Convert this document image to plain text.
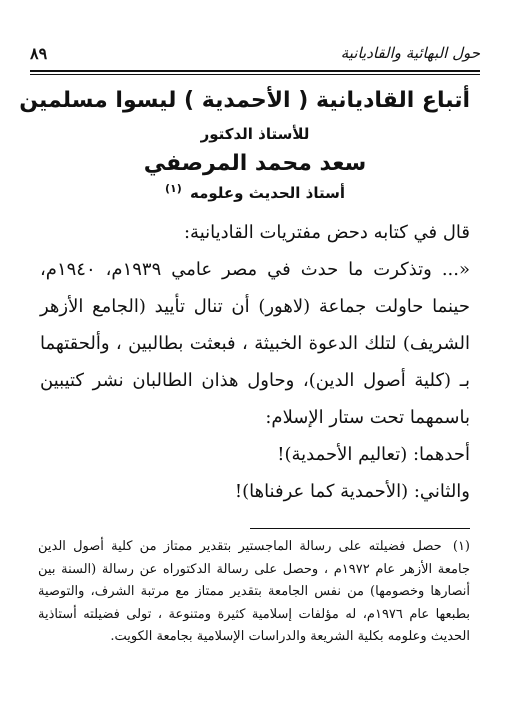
حول البهائية والقاديانية
٨٩
أتباع القاديانية ( الأحمدية ) ليسوا مسلمين
للأستاذ الدكتور
سعد محمد المرصفي
أستاذ الحديث وعلومه $^{(١)}$

قال في كتابه دحض مفتريات القاديانية:

«... وتذكرت ما حدث في مصر عامي ١٩٣٩م، ١٩٤٠م، حينما حاولت جماعة (لاهور) أن تنال تأييد (الجامع الأزهر الشريف) لتلك الدعوة الخبيثة ، فبعثت بطالبين ، وألحقتهما بـ (كلية أصول الدين)، وحاول هذان الطالبان نشر كتيبين باسمهما تحت ستار الإسلام:

أحدهما: (تعاليم الأحمدية)!

والثاني: (الأحمدية كما عرفناها)!

(١) حصل فضيلته على رسالة الماجستير بتقدير ممتاز من كلية أصول الدين جامعة الأزهر عام ١٩٧٢م ، وحصل على رسالة الدكتوراه عن رسالة (السنة بين أنصارها وخصومها) من نفس الجامعة بتقدير ممتاز مع مرتبة الشرف، والتوصية بطبعها عام ١٩٧٦م، له مؤلفات إسلامية كثيرة ومتنوعة ، تولى فضيلته أستاذية الحديث وعلومه بكلية الشريعة والدراسات الإسلامية بجامعة الكويت.
